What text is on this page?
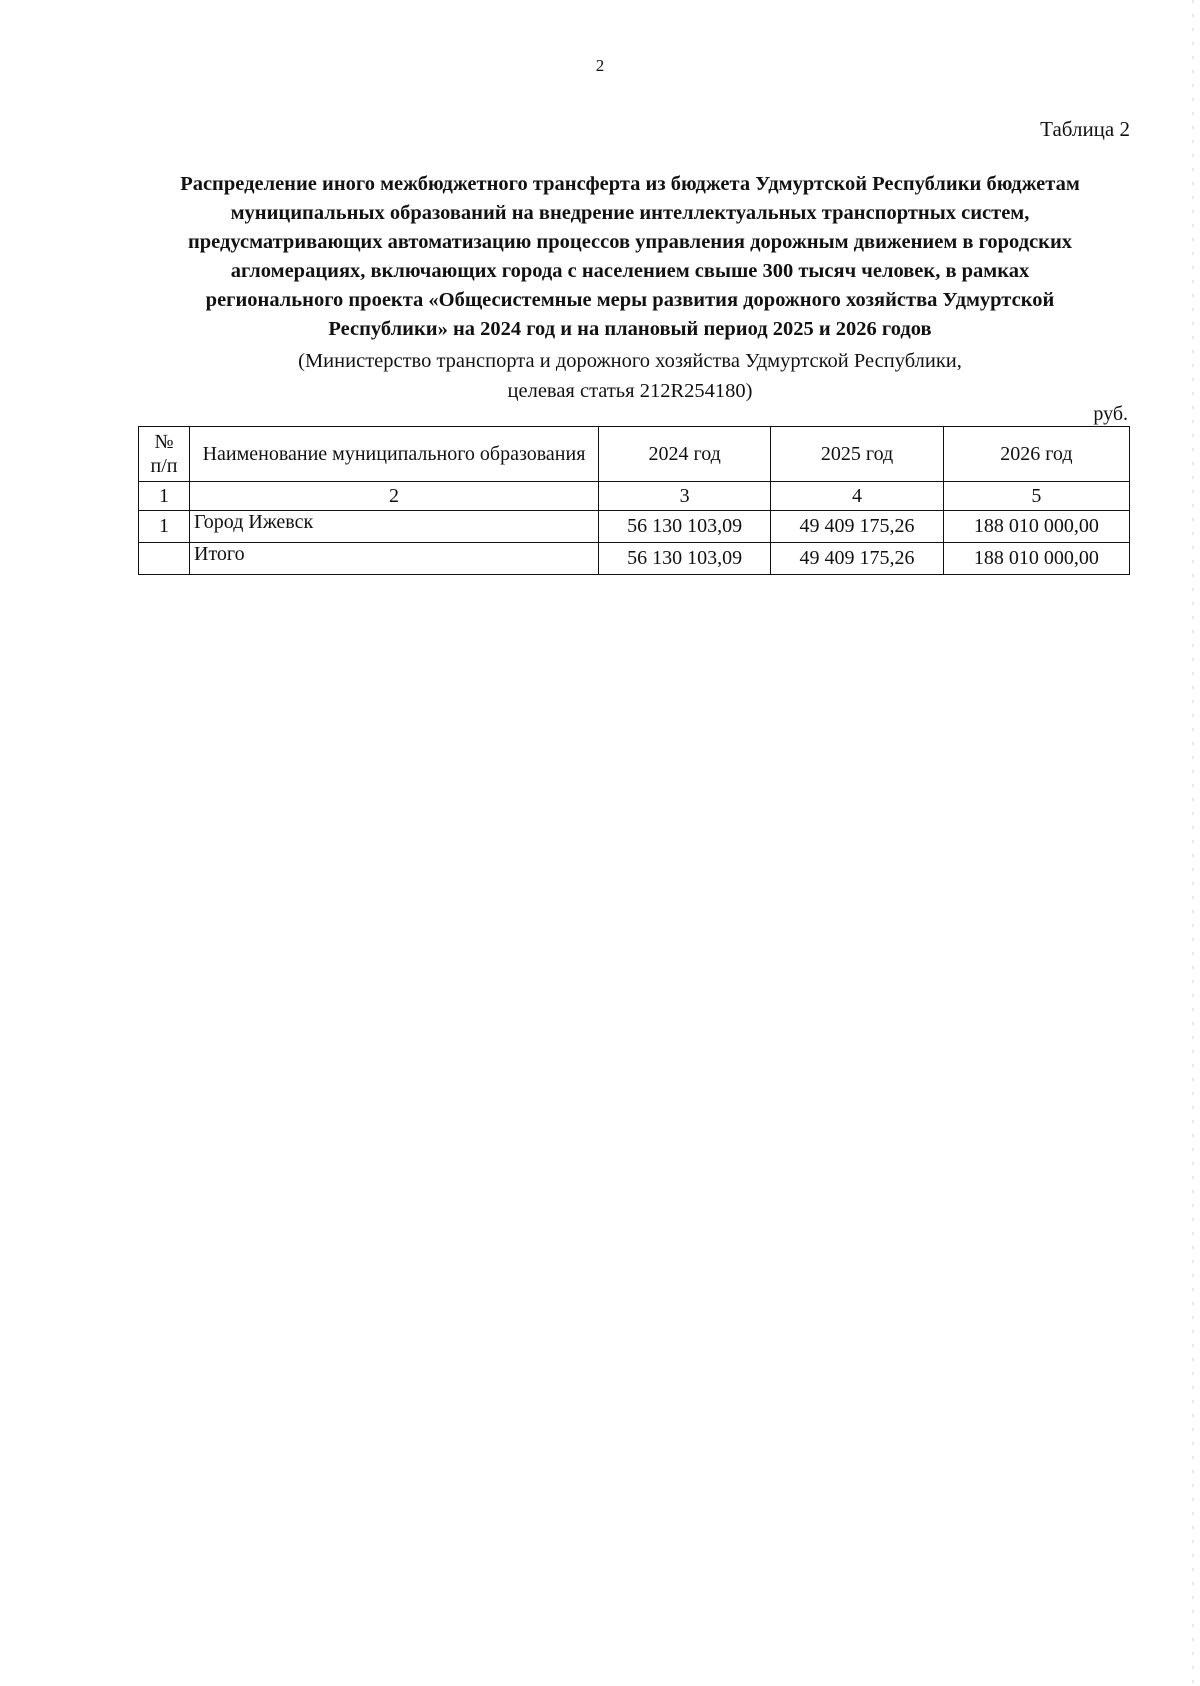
2
Таблица 2

Распределение иного межбюджетного трансферта из бюджета Удмуртской Республики бюджетам
муниципальных образований на внедрение интеллектуальных транспортных систем,
предусматривающих автоматизацию процессов управления дорожным движением в городских
агломерациях, включающих города с населением свыше 300 тысяч человек, в рамках
регионального проекта «Общесистемные меры развития дорожного хозяйства Удмуртской
Республики» на 2024 год и на плановый период 2025 и 2026 годов

(Министерство транспорта и дорожного хозяйства Удмуртской Республики,
целевая статья 212R254180)

руб.
№
п/п	Наименование муниципального образования	2024 год	2025 год	2026 год
1	2	3	4	5
1	Город Ижевск	56 130 103,09	49 409 175,26	188 010 000,00
	Итого	56 130 103,09	49 409 175,26	188 010 000,00
